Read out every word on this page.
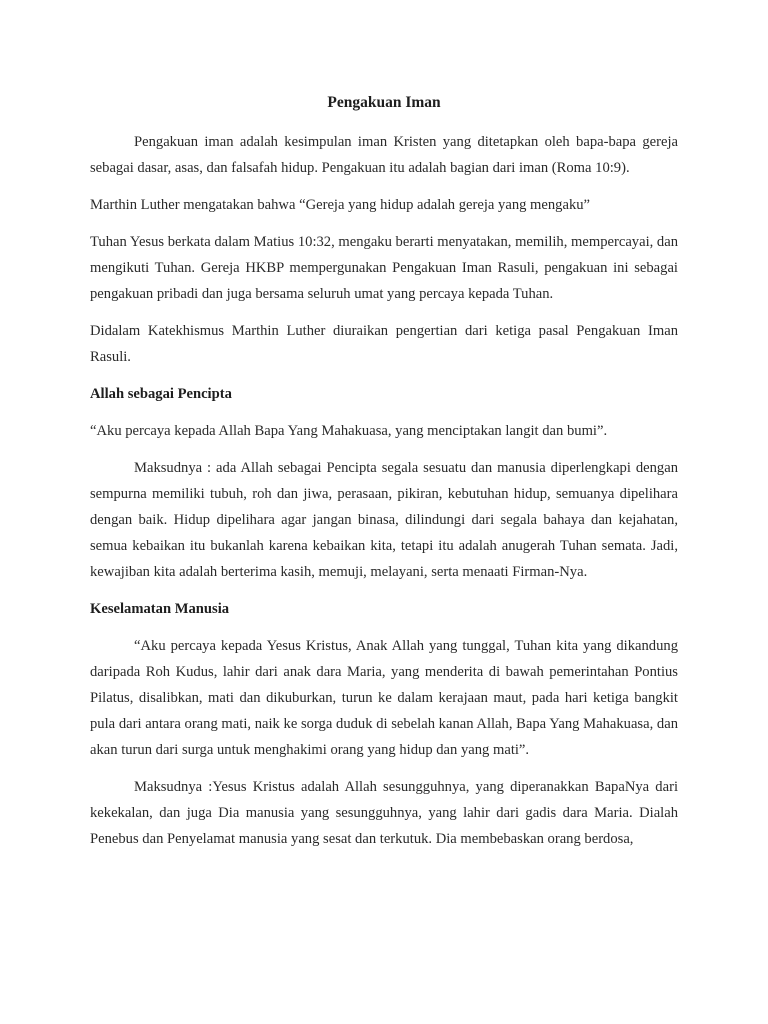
Pengakuan Iman

Pengakuan iman adalah kesimpulan iman Kristen yang ditetapkan oleh bapa-bapa gereja sebagai dasar, asas, dan falsafah hidup. Pengakuan itu adalah bagian dari iman (Roma 10:9).

Marthin Luther mengatakan bahwa “Gereja yang hidup adalah gereja yang mengaku”

Tuhan Yesus berkata dalam Matius 10:32, mengaku berarti menyatakan, memilih, mempercayai, dan mengikuti Tuhan. Gereja HKBP mempergunakan Pengakuan Iman Rasuli, pengakuan ini sebagai pengakuan pribadi dan juga bersama seluruh umat yang percaya kepada Tuhan.

Didalam Katekhismus Marthin Luther diuraikan pengertian dari ketiga pasal Pengakuan Iman Rasuli.

Allah sebagai Pencipta

“Aku percaya kepada Allah Bapa Yang Mahakuasa, yang menciptakan langit dan bumi”.

Maksudnya : ada Allah sebagai Pencipta segala sesuatu dan manusia diperlengkapi dengan sempurna memiliki tubuh, roh dan jiwa, perasaan, pikiran, kebutuhan hidup, semuanya dipelihara dengan baik. Hidup dipelihara agar jangan binasa, dilindungi dari segala bahaya dan kejahatan, semua kebaikan itu bukanlah karena kebaikan kita, tetapi itu adalah anugerah Tuhan semata. Jadi, kewajiban kita adalah berterima kasih, memuji, melayani, serta menaati Firman-Nya.

Keselamatan Manusia

“Aku percaya kepada Yesus Kristus, Anak Allah yang tunggal, Tuhan kita yang dikandung daripada Roh Kudus, lahir dari anak dara Maria, yang menderita di bawah pemerintahan Pontius Pilatus, disalibkan, mati dan dikuburkan, turun ke dalam kerajaan maut, pada hari ketiga bangkit pula dari antara orang mati, naik ke sorga duduk di sebelah kanan Allah, Bapa Yang Mahakuasa, dan akan turun dari surga untuk menghakimi orang yang hidup dan yang mati”.

Maksudnya :Yesus Kristus adalah Allah sesungguhnya, yang diperanakkan BapaNya dari kekekalan, dan juga Dia manusia yang sesungguhnya, yang lahir dari gadis dara Maria. Dialah Penebus dan Penyelamat manusia yang sesat dan terkutuk. Dia membebaskan orang berdosa,
